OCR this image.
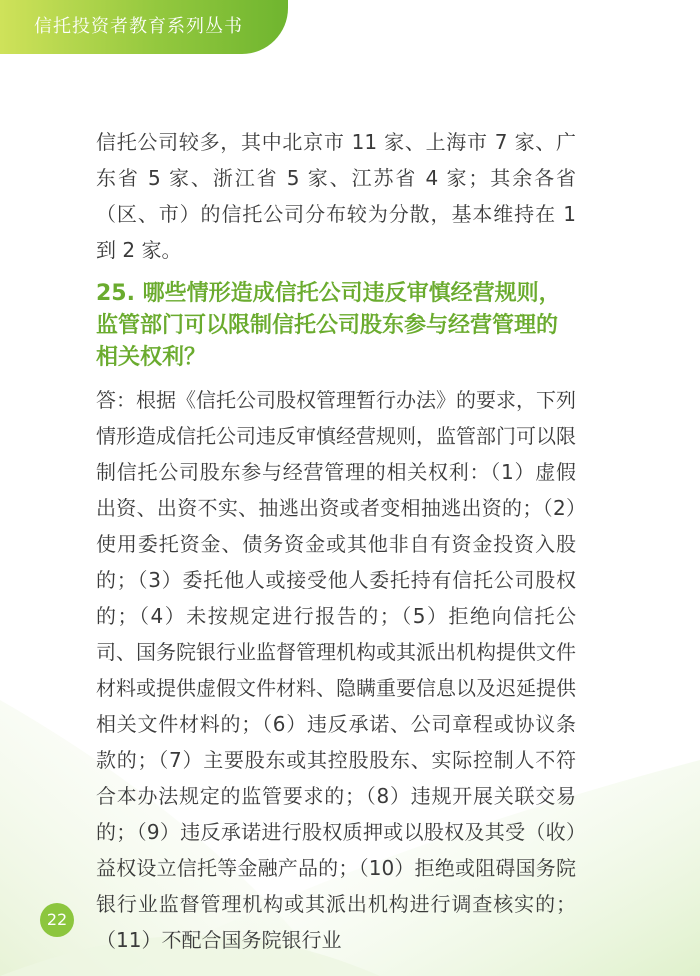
信托投资者教育系列丛书

信托公司较多，其中北京市 11 家、上海市 7 家、广东省 5 家、浙江省 5 家、江苏省 4 家；其余各省（区、市）的信托公司分布较为分散，基本维持在 1 到 2 家。

25. 哪些情形造成信托公司违反审慎经营规则，监管部门可以限制信托公司股东参与经营管理的相关权利？

答：根据《信托公司股权管理暂行办法》的要求，下列情形造成信托公司违反审慎经营规则，监管部门可以限制信托公司股东参与经营管理的相关权利：（1）虚假出资、出资不实、抽逃出资或者变相抽逃出资的；（2）使用委托资金、债务资金或其他非自有资金投资入股的；（3）委托他人或接受他人委托持有信托公司股权的；（4）未按规定进行报告的；（5）拒绝向信托公司、国务院银行业监督管理机构或其派出机构提供文件材料或提供虚假文件材料、隐瞒重要信息以及迟延提供相关文件材料的；（6）违反承诺、公司章程或协议条款的；（7）主要股东或其控股股东、实际控制人不符合本办法规定的监管要求的；（8）违规开展关联交易的；（9）违反承诺进行股权质押或以股权及其受（收）益权设立信托等金融产品的；（10）拒绝或阻碍国务院银行业监督管理机构或其派出机构进行调查核实的；（11）不配合国务院银行业

22
